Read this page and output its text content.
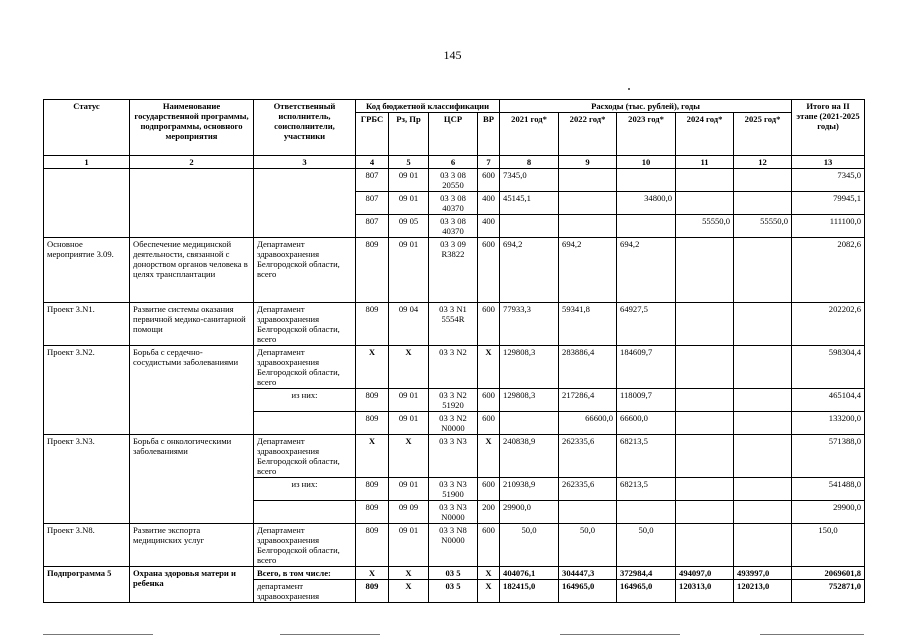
145
Статус	Наименование государственной программы, подпрограммы, основного мероприятия	Ответственный исполнитель, соисполнители, участники	Код бюджетной классификации				Расходы (тыс. рублей), годы					Итого на II этапе (2021-2025 годы)
			ГРБС	Рз, Пр	ЦСР	ВР	2021 год*	2022 год*	2023 год*	2024 год*	2025 год*	
1	2	3	4	5	6	7	8	9	10	11	12	13
			807	09 01	03 3 08 20550	600	7345,0					7345,0
			807	09 01	03 3 08 40370	400	45145,1		34800,0			79945,1
			807	09 05	03 3 08 40370	400				55550,0	55550,0	111100,0
Основное мероприятие 3.09.	Обеспечение медицинской деятельности, связанной с донорством органов человека в целях трансплантации	Департамент здравоохранения Белгородской области, всего	809	09 01	03 3 09 R3822	600	694,2	694,2	694,2			2082,6
Проект 3.N1.	Развитие системы оказания первичной медико-санитарной помощи	Департамент здравоохранения Белгородской области, всего	809	09 04	03 3 N1 5554R	600	77933,3	59341,8	64927,5			202202,6
Проект 3.N2.	Борьба с сердечно-сосудистыми заболеваниями	Департамент здравоохранения Белгородской области, всего	X	X	03 3 N2	X	129808,3	283886,4	184609,7			598304,4
		из них:	809	09 01	03 3 N2 51920	600	129808,3	217286,4	118009,7			465104,4
			809	09 01	03 3 N2 N0000	600		66600,0	66600,0			133200,0
Проект 3.N3.	Борьба с онкологическими заболеваниями	Департамент здравоохранения Белгородской области, всего	X	X	03 3 N3	X	240838,9	262335,6	68213,5			571388,0
		из них:	809	09 01	03 3 N3 51900	600	210938,9	262335,6	68213,5			541488,0
			809	09 09	03 3 N3 N0000	200	29900,0					29900,0
Проект 3.N8.	Развитие экспорта медицинских услуг	Департамент здравоохранения Белгородской области, всего	809	09 01	03 3 N8 N0000	600	50,0	50,0	50,0			150,0
Подпрограмма 5	Охрана здоровья матери и ребенка	Всего, в том числе:	X	X	03 5	X	404076,1	304447,3	372984,4	494097,0	493997,0	2069601,8
		департамент здравоохранения	809	X	03 5	X	182415,0	164965,0	164965,0	120313,0	120213,0	752871,0
